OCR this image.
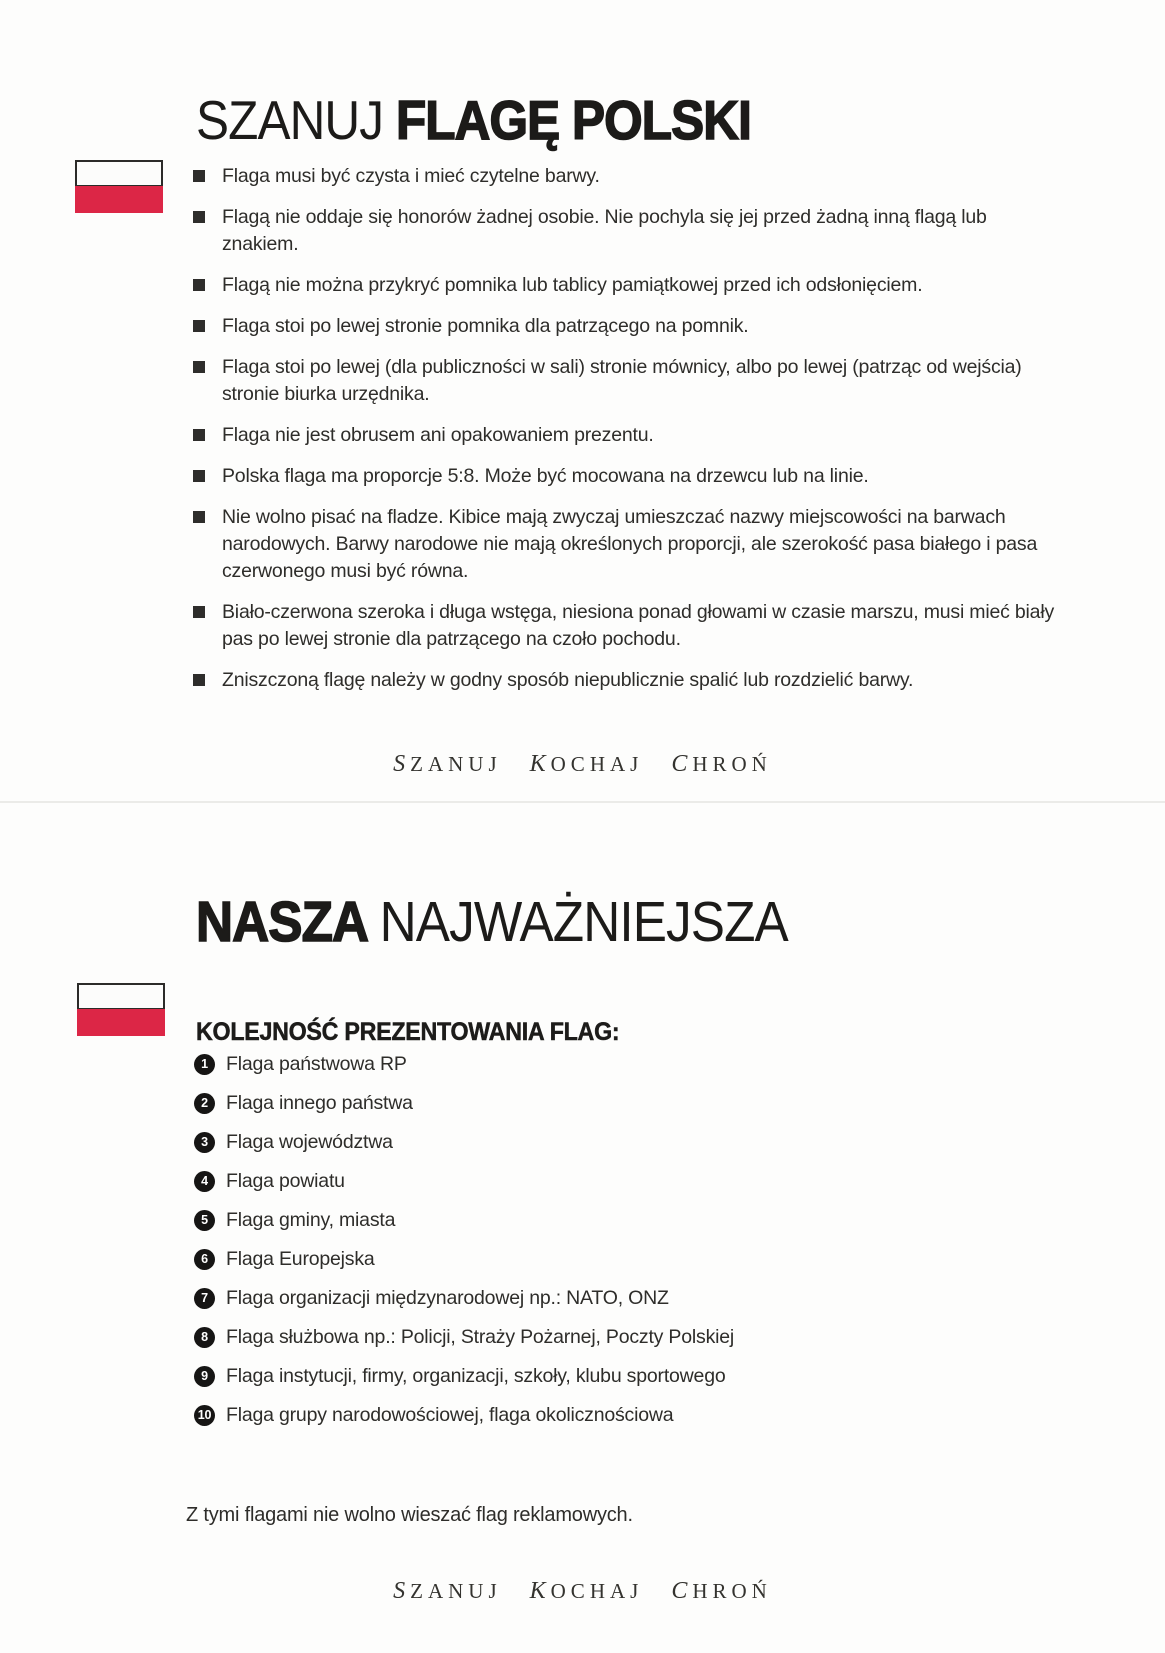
SZANUJ FLAGĘ POLSKI
Flaga musi być czysta i mieć czytelne barwy.
Flagą nie oddaje się honorów żadnej osobie. Nie pochyla się jej przed żadną inną flagą lub znakiem.
Flagą nie można przykryć pomnika lub tablicy pamiątkowej przed ich odsłonięciem.
Flaga stoi po lewej stronie pomnika dla patrzącego na pomnik.
Flaga stoi po lewej (dla publiczności w sali) stronie mównicy, albo po lewej (patrząc od wejścia) stronie biurka urzędnika.
Flaga nie jest obrusem ani opakowaniem prezentu.
Polska flaga ma proporcje 5:8. Może być mocowana na drzewcu lub na linie.
Nie wolno pisać na fladze. Kibice mają zwyczaj umieszczać nazwy miejscowości na barwach narodowych. Barwy narodowe nie mają określonych proporcji, ale szerokość pasa białego i pasa czerwonego musi być równa.
Biało-czerwona szeroka i długa wstęga, niesiona ponad głowami w czasie marszu, musi mieć biały pas po lewej stronie dla patrzącego na czoło pochodu.
Zniszczoną flagę należy w godny sposób niepublicznie spalić lub rozdzielić barwy.
SZANUJ KOCHAJ CHROŃ
NASZA NAJWAŻNIEJSZA
KOLEJNOŚĆ PREZENTOWANIA FLAG:
1 Flaga państwowa RP
2 Flaga innego państwa
3 Flaga województwa
4 Flaga powiatu
5 Flaga gminy, miasta
6 Flaga Europejska
7 Flaga organizacji międzynarodowej np.: NATO, ONZ
8 Flaga służbowa np.: Policji, Straży Pożarnej, Poczty Polskiej
9 Flaga instytucji, firmy, organizacji, szkoły, klubu sportowego
10 Flaga grupy narodowościowej, flaga okolicznościowa

Z tymi flagami nie wolno wieszać flag reklamowych.

SZANUJ KOCHAJ CHROŃ
